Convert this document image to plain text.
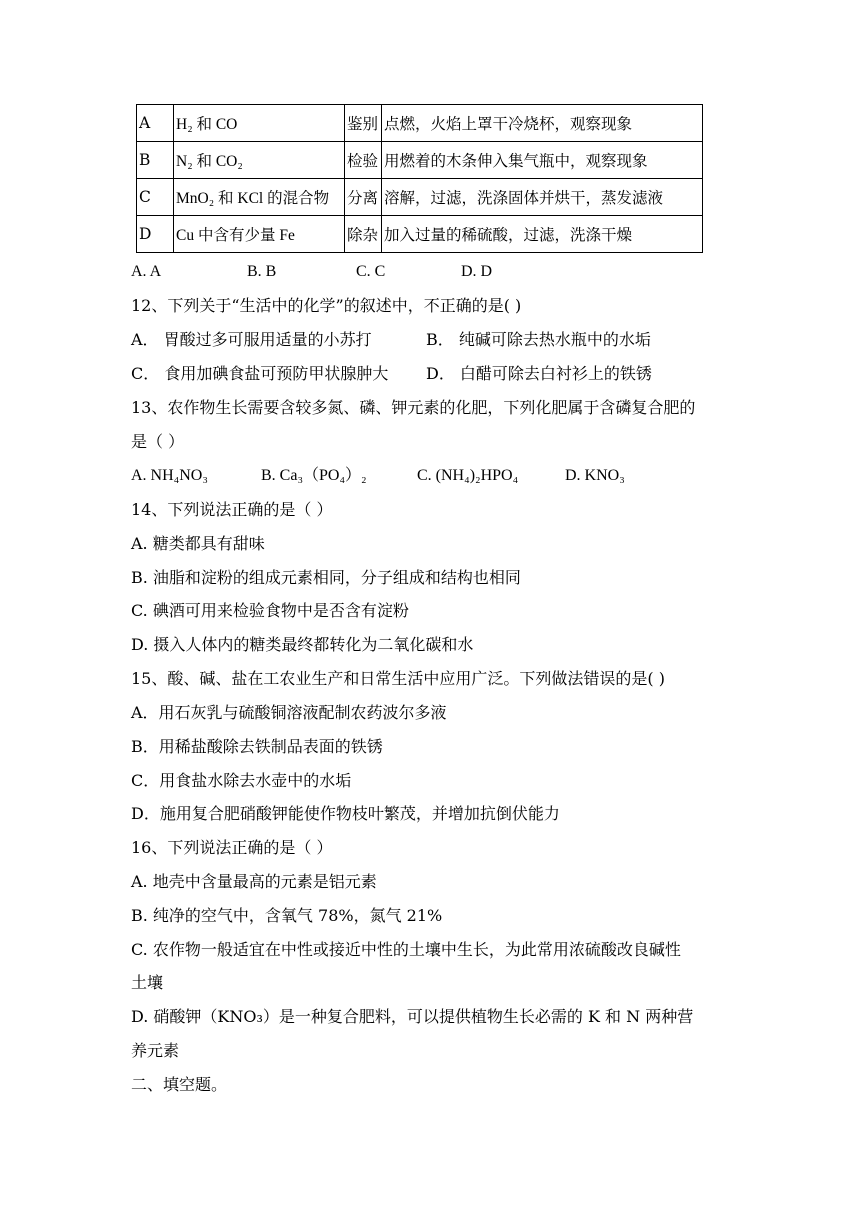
A	H₂ 和 CO	鉴别	点燃，火焰上罩干冷烧杯，观察现象
B	N₂ 和 CO₂	检验	用燃着的木条伸入集气瓶中，观察现象
C	MnO₂ 和 KCl 的混合物	分离	溶解，过滤，洗涤固体并烘干，蒸发滤液
D	Cu 中含有少量 Fe	除杂	加入过量的稀硫酸，过滤，洗涤干燥
A. A	B. B	C. C	D. D
12、下列关于“生活中的化学”的叙述中，不正确的是( )
A． 胃酸过多可服用适量的小苏打	B． 纯碱可除去热水瓶中的水垢
C． 食用加碘食盐可预防甲状腺肿大 D． 白醋可除去白衬衫上的铁锈
13、农作物生长需要含较多氮、磷、钾元素的化肥，下列化肥属于含磷复合肥的
是（ ）
A. NH₄NO₃	B. Ca₃（PO₄）₂	C. (NH₄)₂HPO₄	D. KNO₃
14、下列说法正确的是（ ）
A. 糖类都具有甜味
B. 油脂和淀粉的组成元素相同，分子组成和结构也相同
C. 碘酒可用来检验食物中是否含有淀粉
D. 摄入人体内的糖类最终都转化为二氧化碳和水
15、酸、碱、盐在工农业生产和日常生活中应用广泛。下列做法错误的是( )
A．用石灰乳与硫酸铜溶液配制农药波尔多液
B．用稀盐酸除去铁制品表面的铁锈
C．用食盐水除去水壶中的水垢
D．施用复合肥硝酸钾能使作物枝叶繁茂，并增加抗倒伏能力
16、下列说法正确的是（ ）
A. 地壳中含量最高的元素是铝元素
B. 纯净的空气中，含氧气 78%，氮气 21%
C. 农作物一般适宜在中性或接近中性的土壤中生长，为此常用浓硫酸改良碱性
土壤
D. 硝酸钾（KNO₃）是一种复合肥料，可以提供植物生长必需的 K 和 N 两种营
养元素
二、填空题。
